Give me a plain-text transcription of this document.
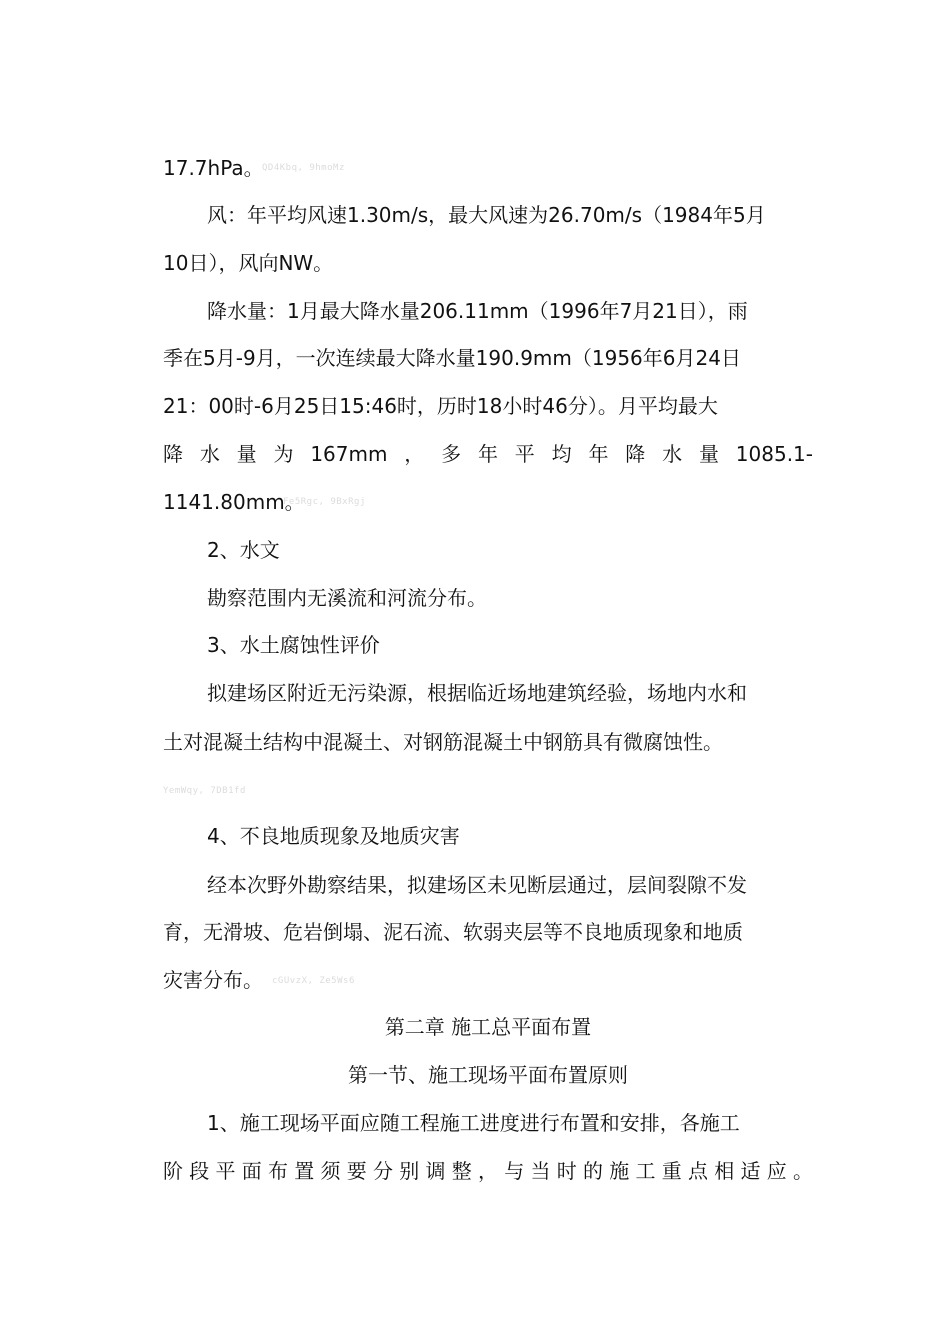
17.7hPa。
QD4Kbq, 9hmoMz
风：年平均风速1.30m/s，最大风速为26.70m/s（1984年5月
10日），风向NW。
降水量：1月最大降水量206.11mm（1996年7月21日），雨
季在5月-9月，一次连续最大降水量190.9mm（1956年6月24日
21：00时-6月25日15:46时，历时18小时46分）。月平均最大
降水量为167mm，多年平均年降水量1085.1-
1141.80mm。
Fe5Rgc, 9BxRgj
2、水文
勘察范围内无溪流和河流分布。
3、水土腐蚀性评价
拟建场区附近无污染源，根据临近场地建筑经验，场地内水和
土对混凝土结构中混凝土、对钢筋混凝土中钢筋具有微腐蚀性。
YemWqy, 7DB1fd
4、不良地质现象及地质灾害
经本次野外勘察结果，拟建场区未见断层通过，层间裂隙不发
育，无滑坡、危岩倒塌、泥石流、软弱夹层等不良地质现象和地质
灾害分布。	cGUvzX, Ze5Ws6
第二章 施工总平面布置
第一节、施工现场平面布置原则
1、施工现场平面应随工程施工进度进行布置和安排，各施工
阶段平面布置须要分别调整，与当时的施工重点相适应。
